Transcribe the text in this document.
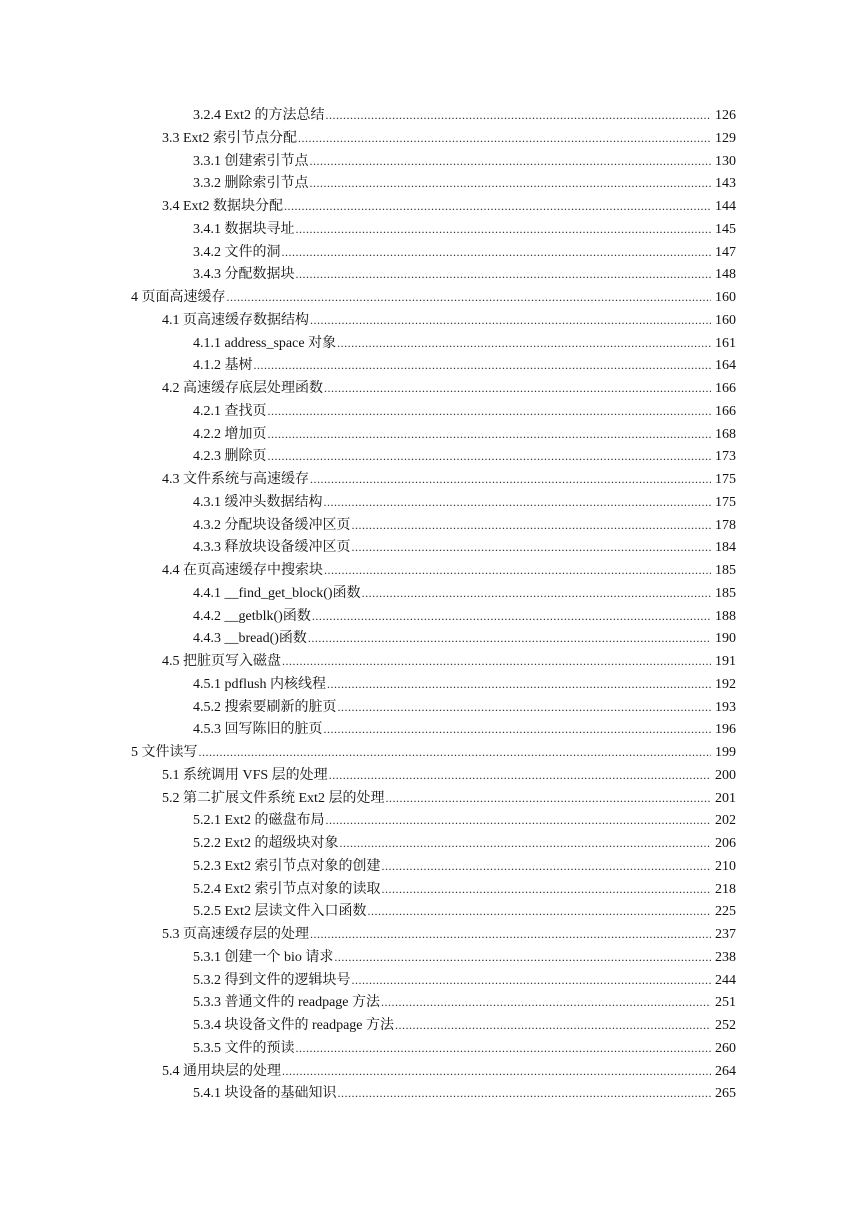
3.2.4 Ext2 的方法总结 .....	126
3.3 Ext2 索引节点分配 .....	129
3.3.1 创建索引节点 .....	130
3.3.2 删除索引节点 .....	143
3.4 Ext2 数据块分配 .....	144
3.4.1 数据块寻址 .....	145
3.4.2 文件的洞 .....	147
3.4.3 分配数据块 .....	148
4 页面高速缓存 .....	160
4.1 页高速缓存数据结构 .....	160
4.1.1 address_space 对象 .....	161
4.1.2 基树 .....	164
4.2 高速缓存底层处理函数 .....	166
4.2.1 查找页 .....	166
4.2.2 增加页 .....	168
4.2.3 删除页 .....	173
4.3 文件系统与高速缓存 .....	175
4.3.1 缓冲头数据结构 .....	175
4.3.2 分配块设备缓冲区页 .....	178
4.3.3 释放块设备缓冲区页 .....	184
4.4 在页高速缓存中搜索块 .....	185
4.4.1 __find_get_block()函数 .....	185
4.4.2 __getblk()函数 .....	188
4.4.3 __bread()函数 .....	190
4.5 把脏页写入磁盘 .....	191
4.5.1 pdflush 内核线程 .....	192
4.5.2 搜索要刷新的脏页 .....	193
4.5.3 回写陈旧的脏页 .....	196
5 文件读写 .....	199
5.1 系统调用 VFS 层的处理 .....	200
5.2 第二扩展文件系统 Ext2 层的处理 .....	201
5.2.1 Ext2 的磁盘布局 .....	202
5.2.2 Ext2 的超级块对象 .....	206
5.2.3 Ext2 索引节点对象的创建 .....	210
5.2.4 Ext2 索引节点对象的读取 .....	218
5.2.5 Ext2 层读文件入口函数 .....	225
5.3 页高速缓存层的处理 .....	237
5.3.1 创建一个 bio 请求 .....	238
5.3.2 得到文件的逻辑块号 .....	244
5.3.3 普通文件的 readpage 方法 .....	251
5.3.4 块设备文件的 readpage 方法 .....	252
5.3.5 文件的预读 .....	260
5.4 通用块层的处理 .....	264
5.4.1 块设备的基础知识 .....	265
